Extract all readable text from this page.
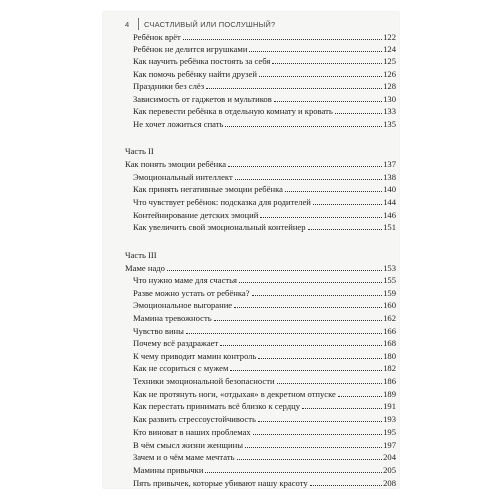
4	СЧАСТЛИВЫЙ ИЛИ ПОСЛУШНЫЙ?
Ребёнок врёт	122
Ребёнок не делится игрушками	124
Как научить ребёнка постоять за себя	125
Как помочь ребёнку найти друзей	126
Праздники без слёз	128
Зависимость от гаджетов и мультиков	130
Как перевести ребёнка в отдельную комнату и кровать	133
Не хочет ложиться спать	135
Часть II
Как понять эмоции ребёнка	137
Эмоциональный интеллект	138
Как принять негативные эмоции ребёнка	140
Что чувствует ребёнок: подсказка для родителей	144
Контейнирование детских эмоций	146
Как увеличить свой эмоциональный контейнер	151
Часть III
Маме надо	153
Что нужно маме для счастья	155
Разве можно устать от ребёнка?	159
Эмоциональное выгорание	160
Мамина тревожность	162
Чувство вины	166
Почему всё раздражает	168
К чему приводит мамин контроль	180
Как не ссориться с мужем	182
Техники эмоциональной безопасности	186
Как не протянуть ноги, «отдыхая» в декретном отпуске	189
Как перестать принимать всё близко к сердцу	191
Как развить стрессоустойчивость	193
Кто виноват в наших проблемах	195
В чём смысл жизни женщины	197
Зачем и о чём маме мечтать	204
Мамины привычки	205
Пять привычек, которые убивают нашу красоту	208
